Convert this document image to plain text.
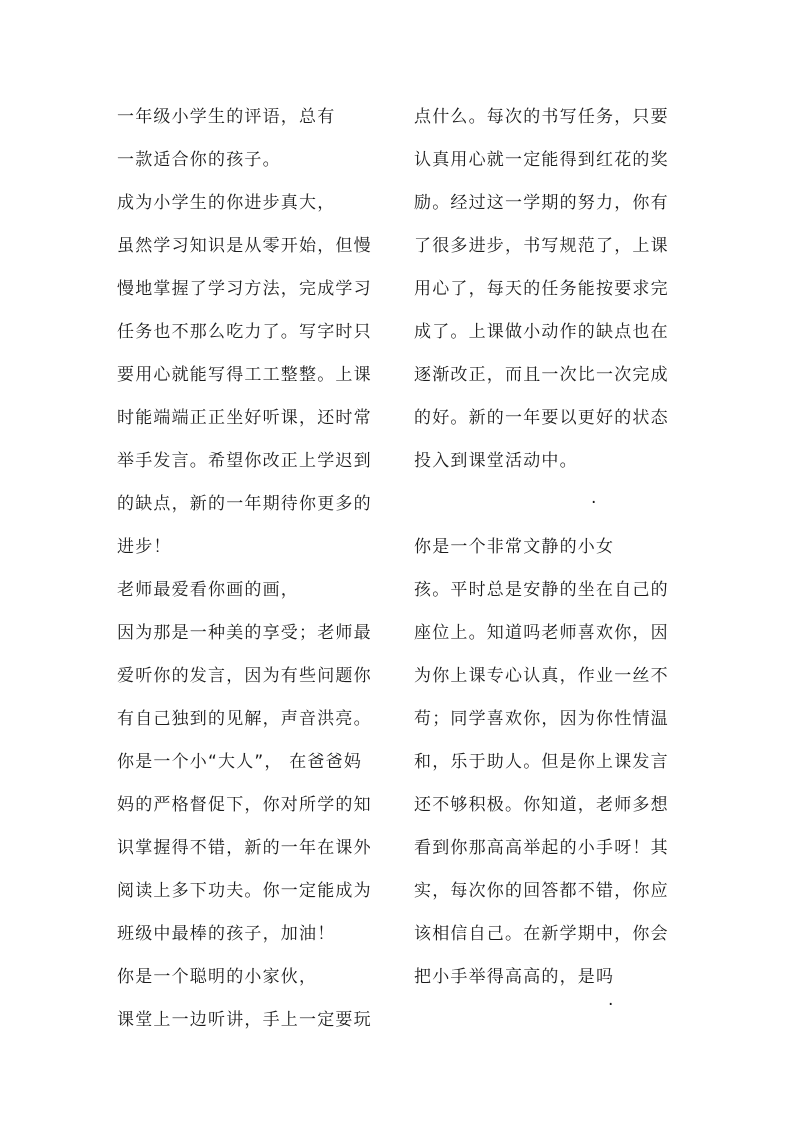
一年级小学生的评语，总有
一款适合你的孩子。
成为小学生的你进步真大，
虽然学习知识是从零开始，但慢
慢地掌握了学习方法，完成学习
任务也不那么吃力了。写字时只
要用心就能写得工工整整。上课
时能端端正正坐好听课，还时常
举手发言。希望你改正上学迟到
的缺点，新的一年期待你更多的
进步！
老师最爱看你画的画，
因为那是一种美的享受；老师最
爱听你的发言，因为有些问题你
有自己独到的见解，声音洪亮。
你是一个小“大人”， 在爸爸妈
妈的严格督促下，你对所学的知
识掌握得不错，新的一年在课外
阅读上多下功夫。你一定能成为
班级中最棒的孩子，加油！
你是一个聪明的小家伙，
课堂上一边听讲，手上一定要玩
点什么。每次的书写任务，只要
认真用心就一定能得到红花的奖
励。经过这一学期的努力，你有
了很多进步，书写规范了，上课
用心了，每天的任务能按要求完
成了。上课做小动作的缺点也在
逐渐改正，而且一次比一次完成
的好。新的一年要以更好的状态
投入到课堂活动中。
.
你是一个非常文静的小女
孩。平时总是安静的坐在自己的
座位上。知道吗老师喜欢你，因
为你上课专心认真，作业一丝不
苟；同学喜欢你，因为你性情温
和，乐于助人。但是你上课发言
还不够积极。你知道，老师多想
看到你那高高举起的小手呀！其
实，每次你的回答都不错，你应
该相信自己。在新学期中，你会
把小手举得高高的，是吗
.
